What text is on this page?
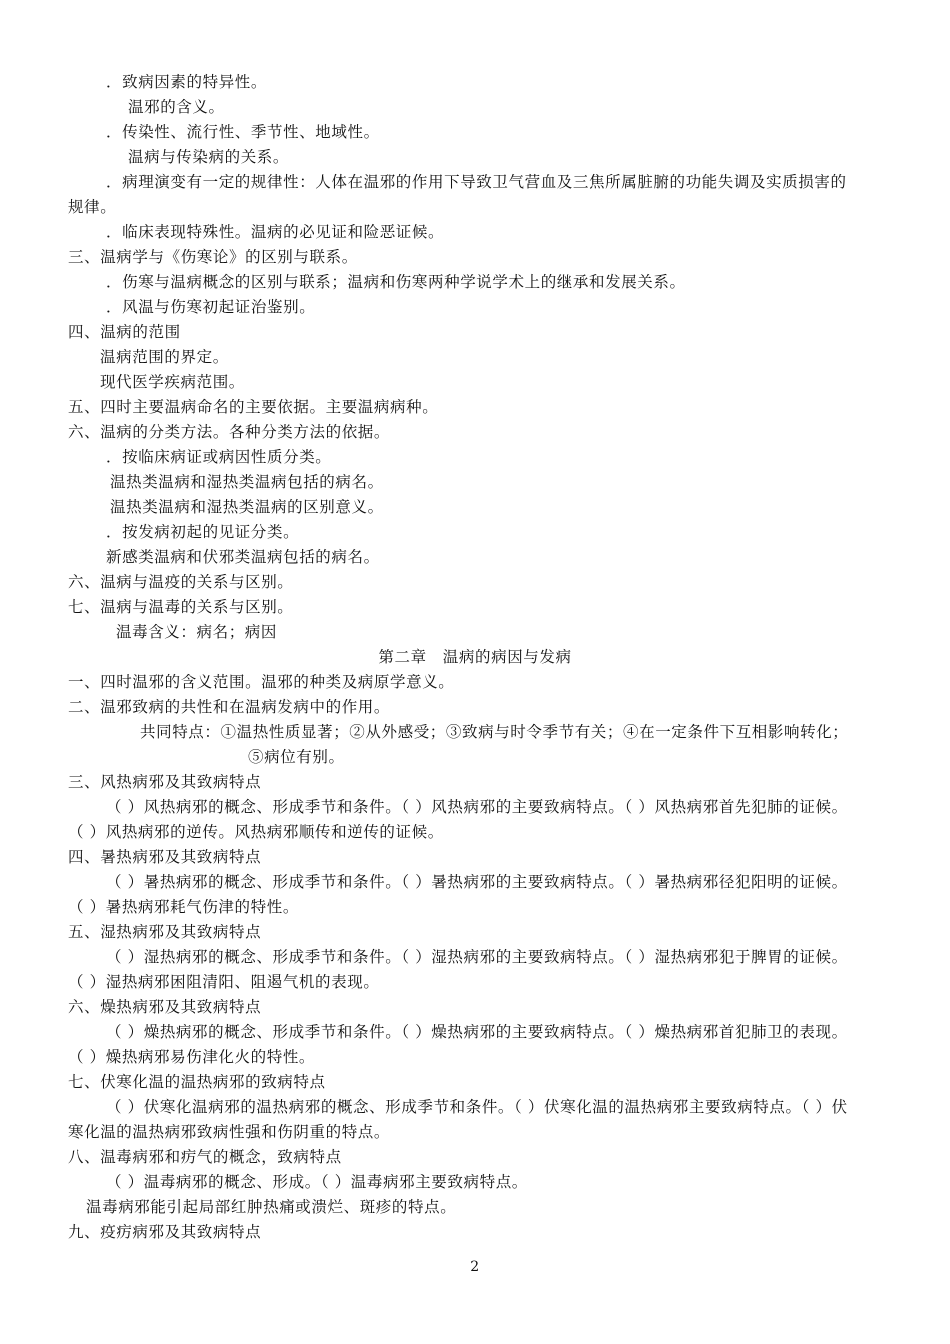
．致病因素的特异性。
温邪的含义。
．传染性、流行性、季节性、地域性。
温病与传染病的关系。
．病理演变有一定的规律性：人体在温邪的作用下导致卫气营血及三焦所属脏腑的功能失调及实质损害的
规律。
．临床表现特殊性。温病的必见证和险恶证候。
三、温病学与《伤寒论》的区别与联系。
．伤寒与温病概念的区别与联系；温病和伤寒两种学说学术上的继承和发展关系。
．风温与伤寒初起证治鉴别。
四、温病的范围
温病范围的界定。
现代医学疾病范围。
五、四时主要温病命名的主要依据。主要温病病种。
六、温病的分类方法。各种分类方法的依据。
．按临床病证或病因性质分类。
温热类温病和湿热类温病包括的病名。
温热类温病和湿热类温病的区别意义。
．按发病初起的见证分类。
新感类温病和伏邪类温病包括的病名。
六、温病与温疫的关系与区别。
七、温病与温毒的关系与区别。
温毒含义：病名；病因
第二章　温病的病因与发病
一、四时温邪的含义范围。温邪的种类及病原学意义。
二、温邪致病的共性和在温病发病中的作用。
共同特点：①温热性质显著；②从外感受；③致病与时令季节有关；④在一定条件下互相影响转化；
⑤病位有别。
三、风热病邪及其致病特点
（ ）风热病邪的概念、形成季节和条件。（ ）风热病邪的主要致病特点。（ ）风热病邪首先犯肺的证候。
（ ）风热病邪的逆传。风热病邪顺传和逆传的证候。
四、暑热病邪及其致病特点
（ ）暑热病邪的概念、形成季节和条件。（ ）暑热病邪的主要致病特点。（ ）暑热病邪径犯阳明的证候。
（ ）暑热病邪耗气伤津的特性。
五、湿热病邪及其致病特点
（ ）湿热病邪的概念、形成季节和条件。（ ）湿热病邪的主要致病特点。（ ）湿热病邪犯于脾胃的证候。
（ ）湿热病邪困阻清阳、阻遏气机的表现。
六、燥热病邪及其致病特点
（ ）燥热病邪的概念、形成季节和条件。（ ）燥热病邪的主要致病特点。（ ）燥热病邪首犯肺卫的表现。
（ ）燥热病邪易伤津化火的特性。
七、伏寒化温的温热病邪的致病特点
（ ）伏寒化温病邪的温热病邪的概念、形成季节和条件。（ ）伏寒化温的温热病邪主要致病特点。（ ）伏
寒化温的温热病邪致病性强和伤阴重的特点。
八、温毒病邪和疠气的概念，致病特点
（ ）温毒病邪的概念、形成。（ ）温毒病邪主要致病特点。
温毒病邪能引起局部红肿热痛或溃烂、斑疹的特点。
九、疫疠病邪及其致病特点
2
